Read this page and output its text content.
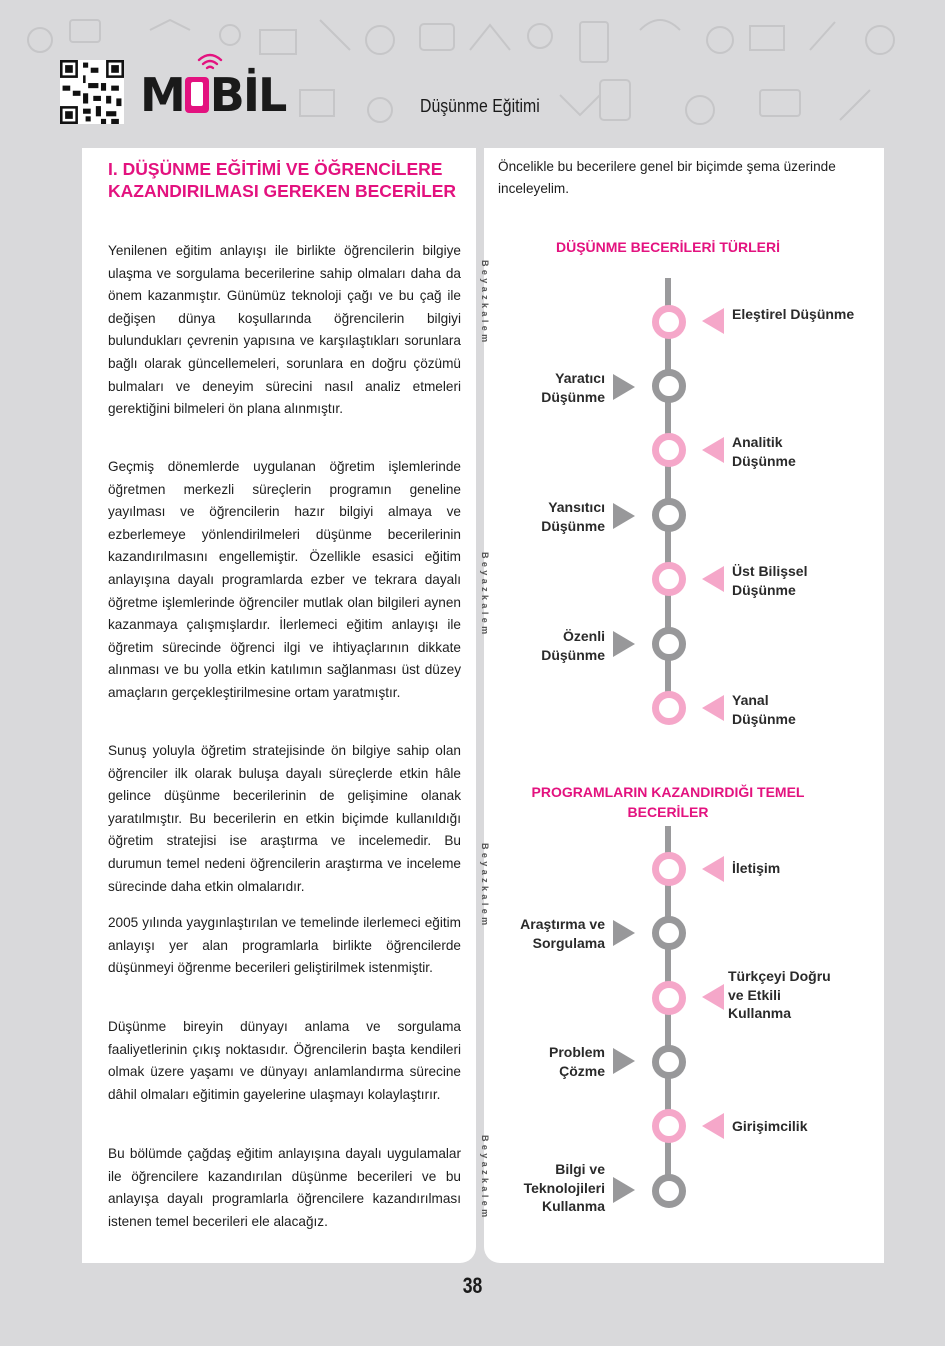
M BİL	Düşünme Eğitimi
38
I. DÜŞÜNME EĞİTİMİ VE ÖĞRENCİLERE KAZANDIRILMASI GEREKEN BECERİLER

Yenilenen eğitim anlayışı ile birlikte öğrencilerin bilgiye ulaşma ve sorgulama becerilerine sahip olmaları daha da önem kazanmıştır. Günümüz teknoloji çağı ve bu çağ ile değişen dünya koşullarında öğrencilerin bilgiyi bulundukları çevrenin yapısına ve karşılaştıkları sorunlara bağlı olarak güncellemeleri, sorunlara en doğru çözümü bulmaları ve deneyim sürecini nasıl analiz etmeleri gerektiğini bilmeleri ön plana alınmıştır.

Geçmiş dönemlerde uygulanan öğretim işlemlerinde öğretmen merkezli süreçlerin programın geneline yayılması ve öğrencilerin hazır bilgiyi almaya ve ezberlemeye yönlendirilmeleri düşünme becerilerinin kazandırılmasını engellemiştir. Özellikle esasici eğitim anlayışına dayalı programlarda ezber ve tekrara dayalı öğretme işlemlerinde öğrenciler mutlak olan bilgileri aynen kazanmaya çalışmışlardır. İlerlemeci eğitim anlayışı ile öğretim sürecinde öğrenci ilgi ve ihtiyaçlarının dikkate alınması ve bu yolla etkin katılımın sağlanması üst düzey amaçların gerçekleştirilmesine ortam yaratmıştır.

Sunuş yoluyla öğretim stratejisinde ön bilgiye sahip olan öğrenciler ilk olarak buluşa dayalı süreçlerde etkin hâle gelince düşünme becerilerinin de gelişimine olanak yaratılmıştır. Bu becerilerin en etkin biçimde kullanıldığı öğretim stratejisi ise araştırma ve incelemedir. Bu durumun temel nedeni öğrencilerin araştırma ve inceleme sürecinde daha etkin olmalarıdır.

2005 yılında yaygınlaştırılan ve temelinde ilerlemeci eğitim anlayışı yer alan programlarla birlikte öğrencilerde düşünmeyi öğrenme becerileri geliştirilmek istenmiştir.

Düşünme bireyin dünyayı anlama ve sorgulama faaliyetlerinin çıkış noktasıdır. Öğrencilerin başta kendileri olmak üzere yaşamı ve dünyayı anlamlandırma sürecine dâhil olmaları eğitimin gayelerine ulaşmayı kolaylaştırır.

Bu bölümde çağdaş eğitim anlayışına dayalı uygulamalar ile öğrencilere kazandırılan düşünme becerileri ve bu anlayışa dayalı programlarla öğrencilere kazandırılması istenen temel becerileri ele alacağız.

Beyazkalem
Beyazkalem
Beyazkalem
Beyazkalem

Öncelikle bu becerilere genel bir biçimde şema üzerinde inceleyelim.

DÜŞÜNME BECERİLERİ TÜRLERİ

Eleştirel Düşünme
Yaratıcı Düşünme
Analitik Düşünme
Yansıtıcı Düşünme
Üst Bilişsel Düşünme
Özenli Düşünme
Yanal Düşünme

PROGRAMLARIN KAZANDIRDIĞI TEMEL BECERİLER

İletişim
Araştırma ve Sorgulama
Türkçeyi Doğru ve Etkili Kullanma
Problem Çözme
Girişimcilik
Bilgi ve Teknolojileri Kullanma
